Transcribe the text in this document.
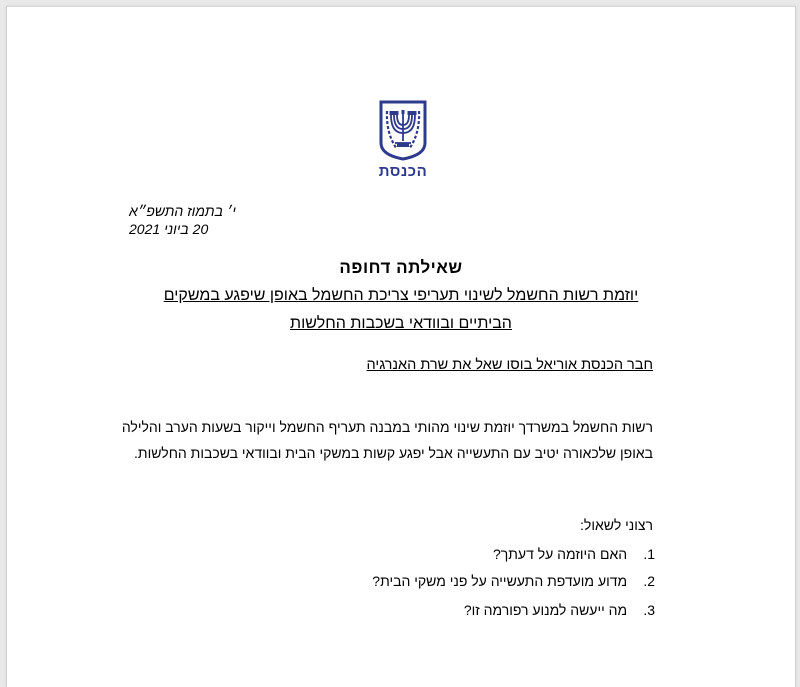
הכנסת
י׳ בתמוז התשפ״א
20 ביוני 2021
שאילתה דחופה
יוזמת רשות החשמל לשינוי תעריפי צריכת החשמל באופן שיפגע במשקים
הביתיים ובוודאי בשכבות החלשות
חבר הכנסת אוריאל בוסו שאל את שרת האנרגיה
רשות החשמל במשרדך יוזמת שינוי מהותי במבנה תעריף החשמל וייקור בשעות הערב והלילה
באופן שלכאורה יטיב עם התעשייה אבל יפגע קשות במשקי הבית ובוודאי בשכבות החלשות.
רצוני לשאול:
1. האם היוזמה על דעתך?
2. מדוע מועדפת התעשייה על פני משקי הבית?
3. מה ייעשה למנוע רפורמה זו?
